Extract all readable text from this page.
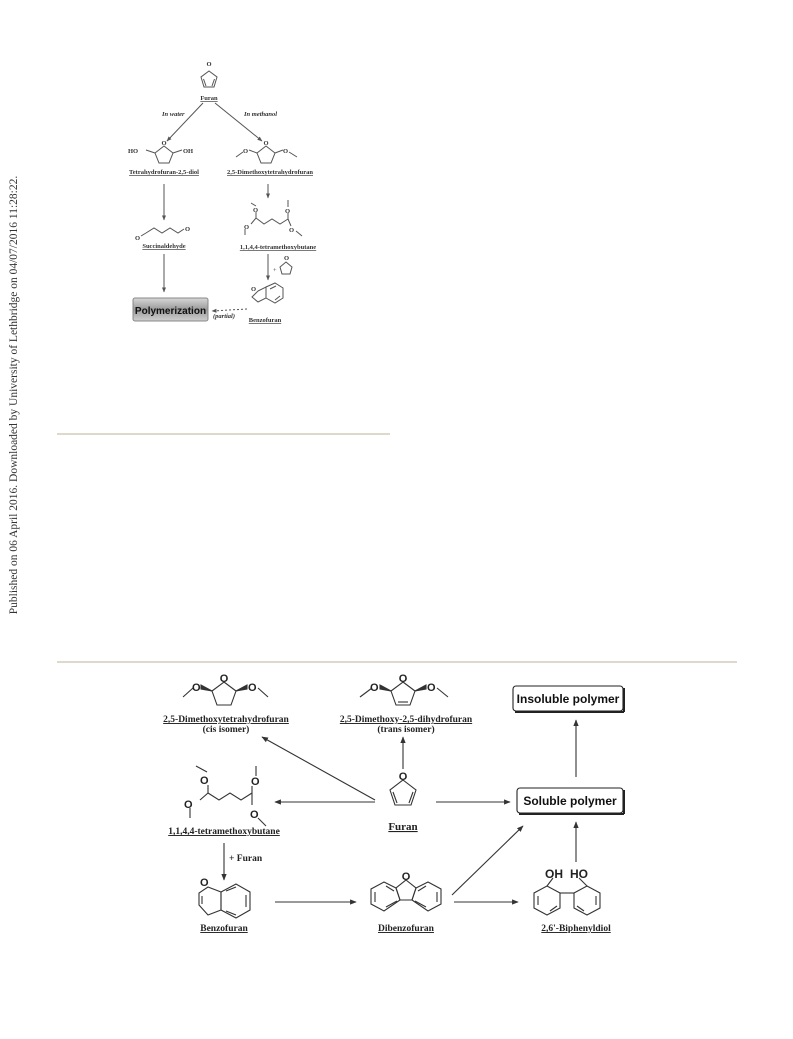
Published on 06 April 2016. Downloaded by University of Lethbridge on 04/07/2016 11:28:22.
O
Furan
In water	In methanol
O
HO	OH
Tetrahydrofuran-2,5-diol
O
O	O
2,5-Dimethoxytetrahydrofuran
O
O
Succinaldehyde
O
O
O
O
1,1,4,4-tetramethoxybutane
+
O
O
Benzofuran
(partial)
Polymerization
O
O	O
2,5-Dimethoxytetrahydrofuran
(cis isomer)
O
O	O
2,5-Dimethoxy-2,5-dihydrofuran
(trans isomer)
Insoluble polymer
O
Furan
Soluble polymer
O
O
O
O
1,1,4,4-tetramethoxybutane
+ Furan
O
Benzofuran
O
Dibenzofuran
OH HO
2,6'-Biphenyldiol
